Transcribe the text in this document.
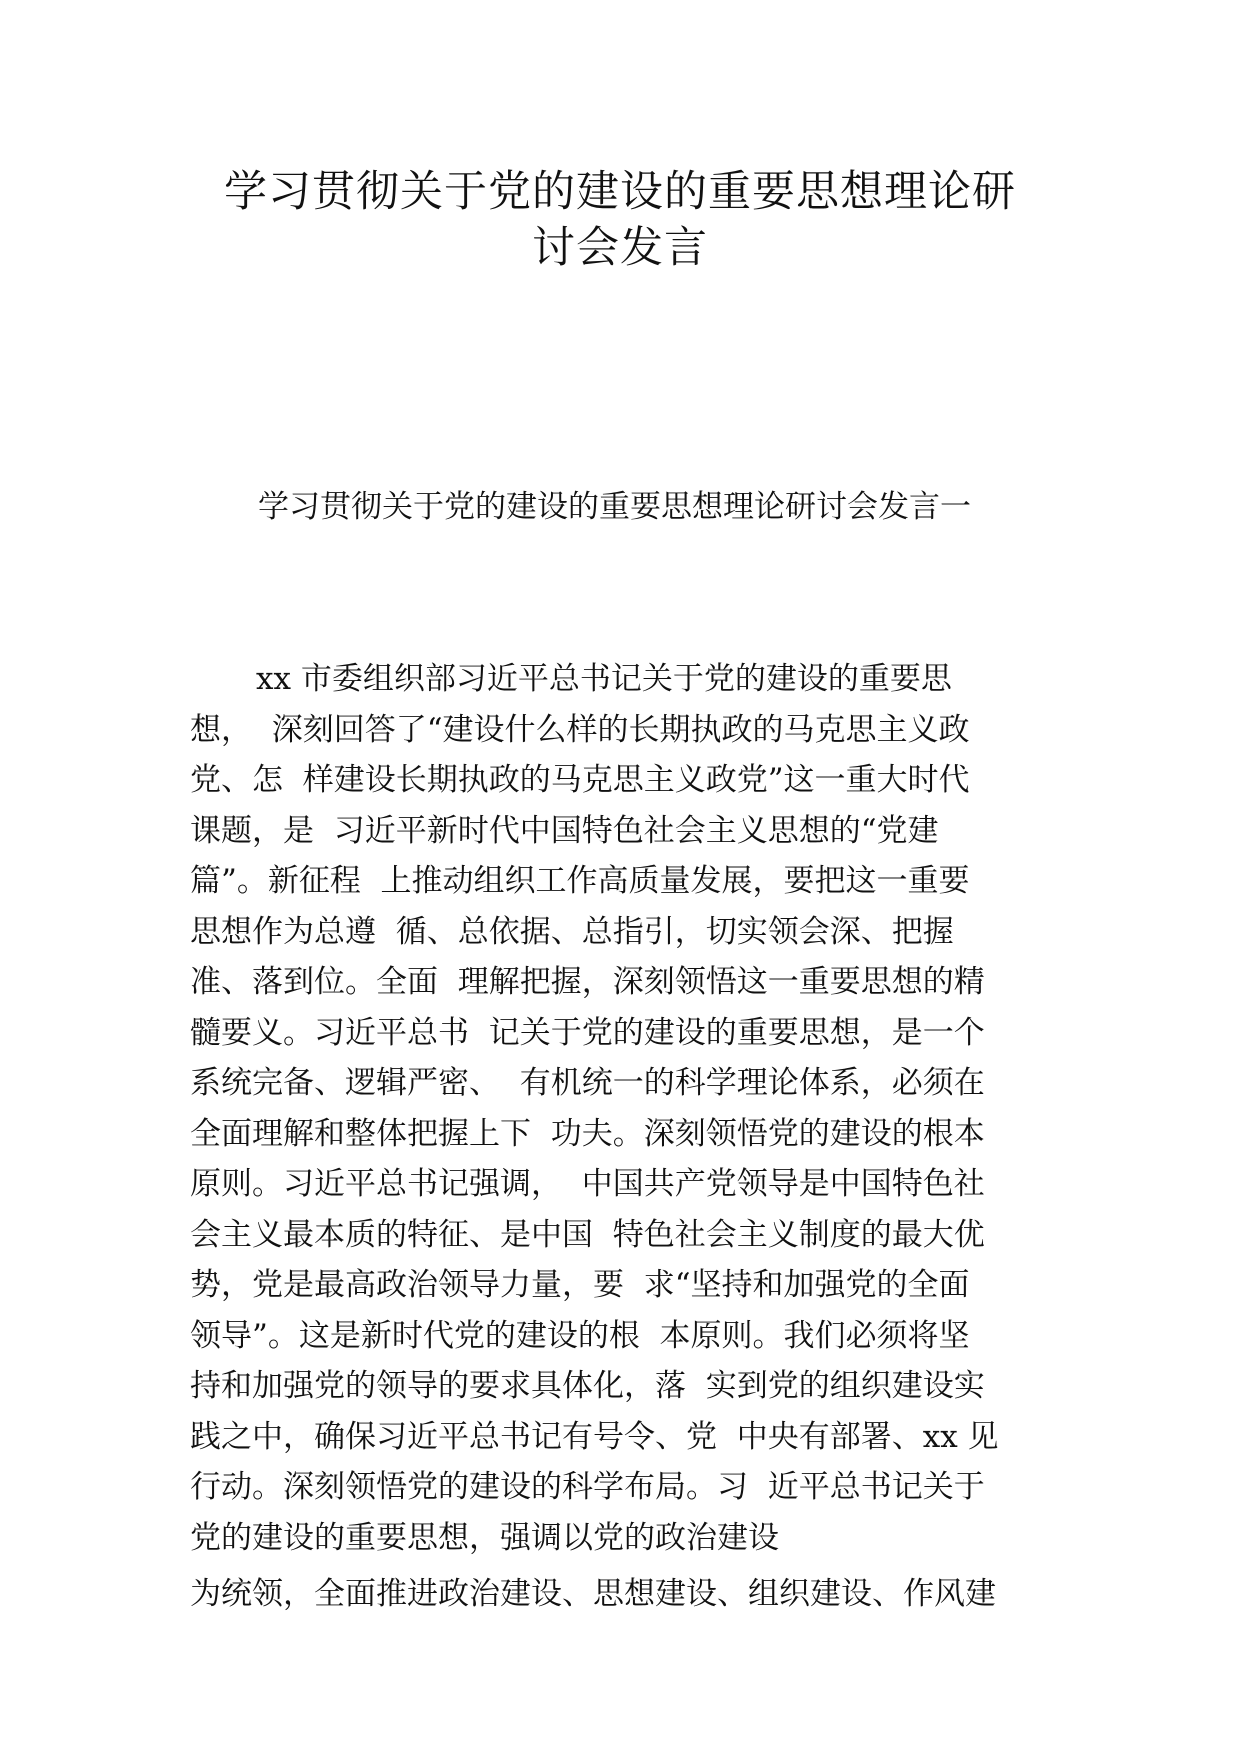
学习贯彻关于党的建设的重要思想理论研
讨会发言

学习贯彻关于党的建设的重要思想理论研讨会发言一

xx 市委组织部习近平总书记关于党的建设的重要思
想，  深刻回答了“建设什么样的长期执政的马克思主义政
党、怎  样建设长期执政的马克思主义政党”这一重大时代
课题，是  习近平新时代中国特色社会主义思想的“党建
篇”。新征程  上推动组织工作高质量发展，要把这一重要
思想作为总遵  循、总依据、总指引，切实领会深、把握
准、落到位。全面  理解把握，深刻领悟这一重要思想的精
髓要义。习近平总书  记关于党的建设的重要思想，是一个
系统完备、逻辑严密、  有机统一的科学理论体系，必须在
全面理解和整体把握上下  功夫。深刻领悟党的建设的根本
原则。习近平总书记强调，  中国共产党领导是中国特色社
会主义最本质的特征、是中国  特色社会主义制度的最大优
势，党是最高政治领导力量，要  求“坚持和加强党的全面
领导”。这是新时代党的建设的根  本原则。我们必须将坚
持和加强党的领导的要求具体化，落  实到党的组织建设实
践之中，确保习近平总书记有号令、党  中央有部署、xx 见
行动。深刻领悟党的建设的科学布局。习  近平总书记关于
党的建设的重要思想，强调以党的政治建设
为统领，全面推进政治建设、思想建设、组织建设、作风建
